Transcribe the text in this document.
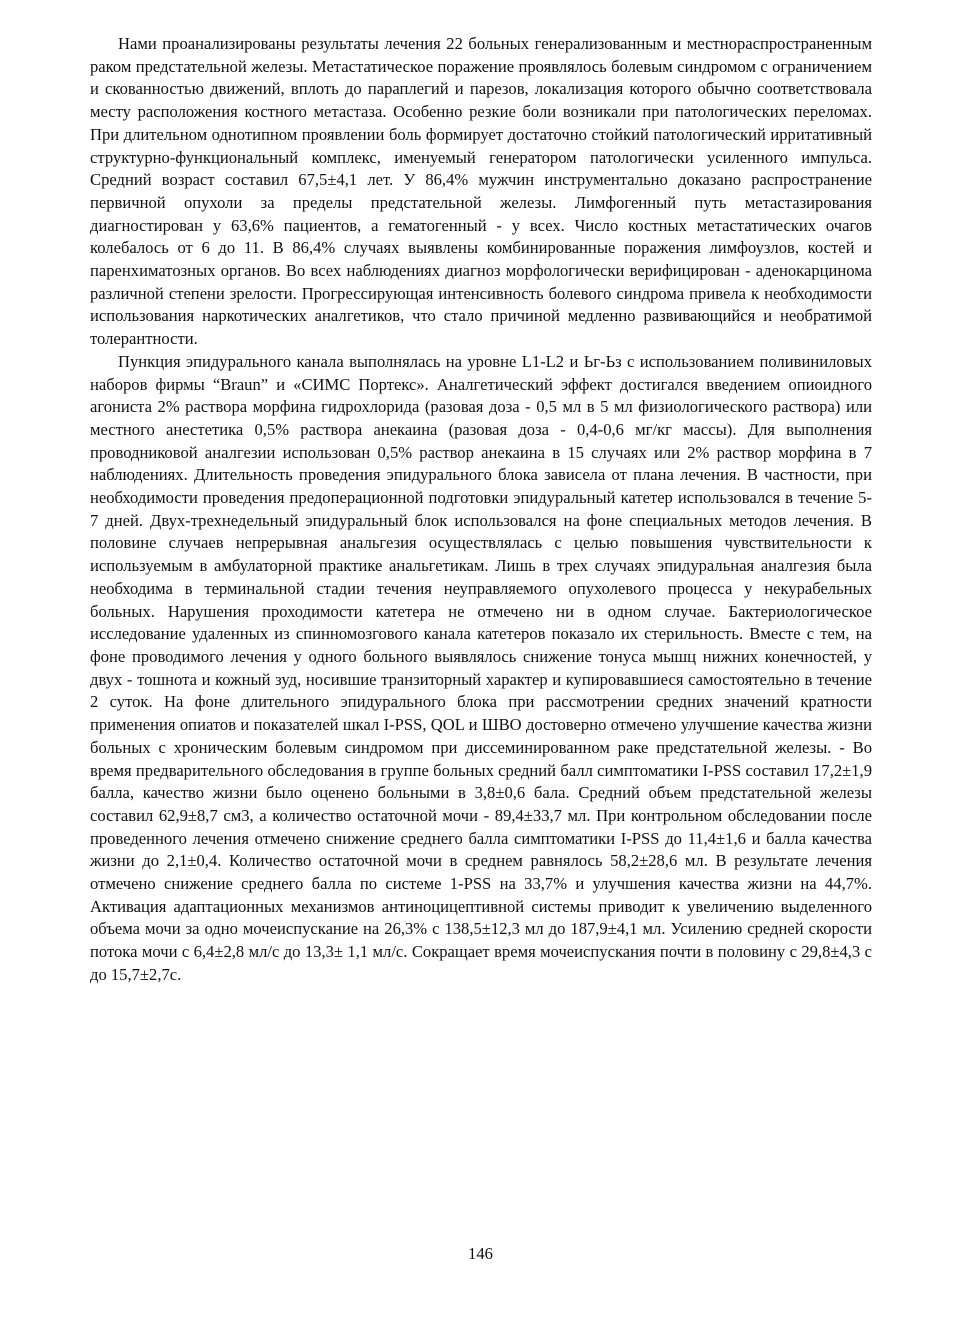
Нами проанализированы результаты лечения 22 больных генерализованным и местнораспространенным раком предстательной железы. Метастатическое поражение проявлялось болевым синдромом с ограничением и скованностью движений, вплоть до параплегий и парезов, локализация которого обычно соответствовала месту расположения костного метастаза. Особенно резкие боли возникали при патологических переломах. При длительном однотипном проявлении боль формирует достаточно стойкий патологический ирритативный структурно-функциональный комплекс, именуемый генератором патологически усиленного импульса. Средний возраст составил 67,5±4,1 лет. У 86,4% мужчин инструментально доказано распространение первичной опухоли за пределы предстательной железы. Лимфогенный путь метастазирования диагностирован у 63,6% пациентов, а гематогенный - у всех. Число костных метастатических очагов колебалось от 6 до 11. В 86,4% случаях выявлены комбинированные поражения лимфоузлов, костей и паренхиматозных органов. Во всех наблюдениях диагноз морфологически верифицирован - аденокарцинома различной степени зрелости. Прогрессирующая интенсивность болевого синдрома привела к необходимости использования наркотических аналгетиков, что стало причиной медленно развивающийся и необратимой толерантности.

Пункция эпидурального канала выполнялась на уровне L1-L2 и Ьг-Ьз с использованием поливиниловых наборов фирмы “Braun” и «СИМС Портекс». Аналгетический эффект достигался введением опиоидного агониста 2% раствора морфина гидрохлорида (разовая доза - 0,5 мл в 5 мл физиологического раствора) или местного анестетика 0,5% раствора анекаина (разовая доза - 0,4-0,6 мг/кг массы). Для выполнения проводниковой аналгезии использован 0,5% раствор анекаина в 15 случаях или 2% раствор морфина в 7 наблюдениях. Длительность проведения эпидурального блока зависела от плана лечения. В частности, при необходимости проведения предоперационной подготовки эпидуральный катетер использовался в течение 5-7 дней. Двух-трехнедельный эпидуральный блок использовался на фоне специальных методов лечения. В половине случаев непрерывная анальгезия осуществлялась с целью повышения чувствительности к используемым в амбулаторной практике анальгетикам. Лишь в трех случаях эпидуральная аналгезия была необходима в терминальной стадии течения неуправляемого опухолевого процесса у некурабельных больных. Нарушения проходимости катетера не отмечено ни в одном случае. Бактериологическое исследование удаленных из спинномозгового канала катетеров показало их стерильность. Вместе с тем, на фоне проводимого лечения у одного больного выявлялось снижение тонуса мышц нижних конечностей, у двух - тошнота и кожный зуд, носившие транзиторный характер и купировавшиеся самостоятельно в течение 2 суток. На фоне длительного эпидурального блока при рассмотрении средних значений кратности применения опиатов и показателей шкал I-PSS, QOL и ШВО достоверно отмечено улучшение качества жизни больных с хроническим болевым синдромом при диссеминированном раке предстательной железы. - Во время предварительного обследования в группе больных средний балл симптоматики I-PSS составил 17,2±1,9 балла, качество жизни было оценено больными в 3,8±0,6 бала. Средний объем предстательной железы составил 62,9±8,7 см3, а количество остаточной мочи - 89,4±33,7 мл. При контрольном обследовании после проведенного лечения отмечено снижение среднего балла симптоматики I-PSS до 11,4±1,6 и балла качества жизни до 2,1±0,4. Количество остаточной мочи в среднем равнялось 58,2±28,6 мл. В результате лечения отмечено снижение среднего балла по системе 1-PSS на 33,7% и улучшения качества жизни на 44,7%. Активация адаптационных механизмов антиноцицептивной системы приводит к увеличению выделенного объема мочи за одно мочеиспускание на 26,3% с 138,5±12,3 мл до 187,9±4,1 мл. Усилению средней скорости потока мочи с 6,4±2,8 мл/с до 13,3± 1,1 мл/с. Сокращает время мочеиспускания почти в половину с 29,8±4,3 с до 15,7±2,7с.

146
